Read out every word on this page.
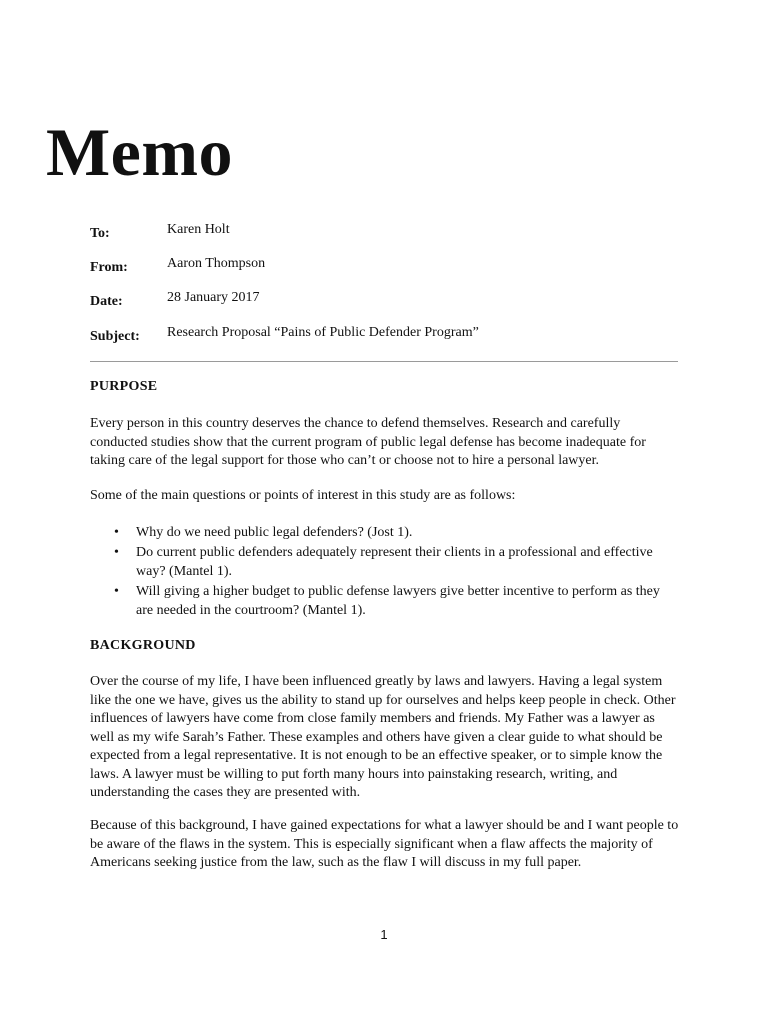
Memo
To:	Karen Holt
From:	Aaron Thompson
Date:	28 January 2017
Subject: Research Proposal “Pains of Public Defender Program”
PURPOSE

Every person in this country deserves the chance to defend themselves. Research and carefully conducted studies show that the current program of public legal defense has become inadequate for taking care of the legal support for those who can’t or choose not to hire a personal lawyer.

Some of the main questions or points of interest in this study are as follows:

• Why do we need public legal defenders? (Jost 1).
• Do current public defenders adequately represent their clients in a professional and effective way? (Mantel 1).
• Will giving a higher budget to public defense lawyers give better incentive to perform as they are needed in the courtroom? (Mantel 1).
BACKGROUND

Over the course of my life, I have been influenced greatly by laws and lawyers. Having a legal system like the one we have, gives us the ability to stand up for ourselves and helps keep people in check. Other influences of lawyers have come from close family members and friends. My Father was a lawyer as well as my wife Sarah’s Father. These examples and others have given a clear guide to what should be expected from a legal representative. It is not enough to be an effective speaker, or to simple know the laws. A lawyer must be willing to put forth many hours into painstaking research, writing, and understanding the cases they are presented with.

Because of this background, I have gained expectations for what a lawyer should be and I want people to be aware of the flaws in the system. This is especially significant when a flaw affects the majority of Americans seeking justice from the law, such as the flaw I will discuss in my full paper.

1
